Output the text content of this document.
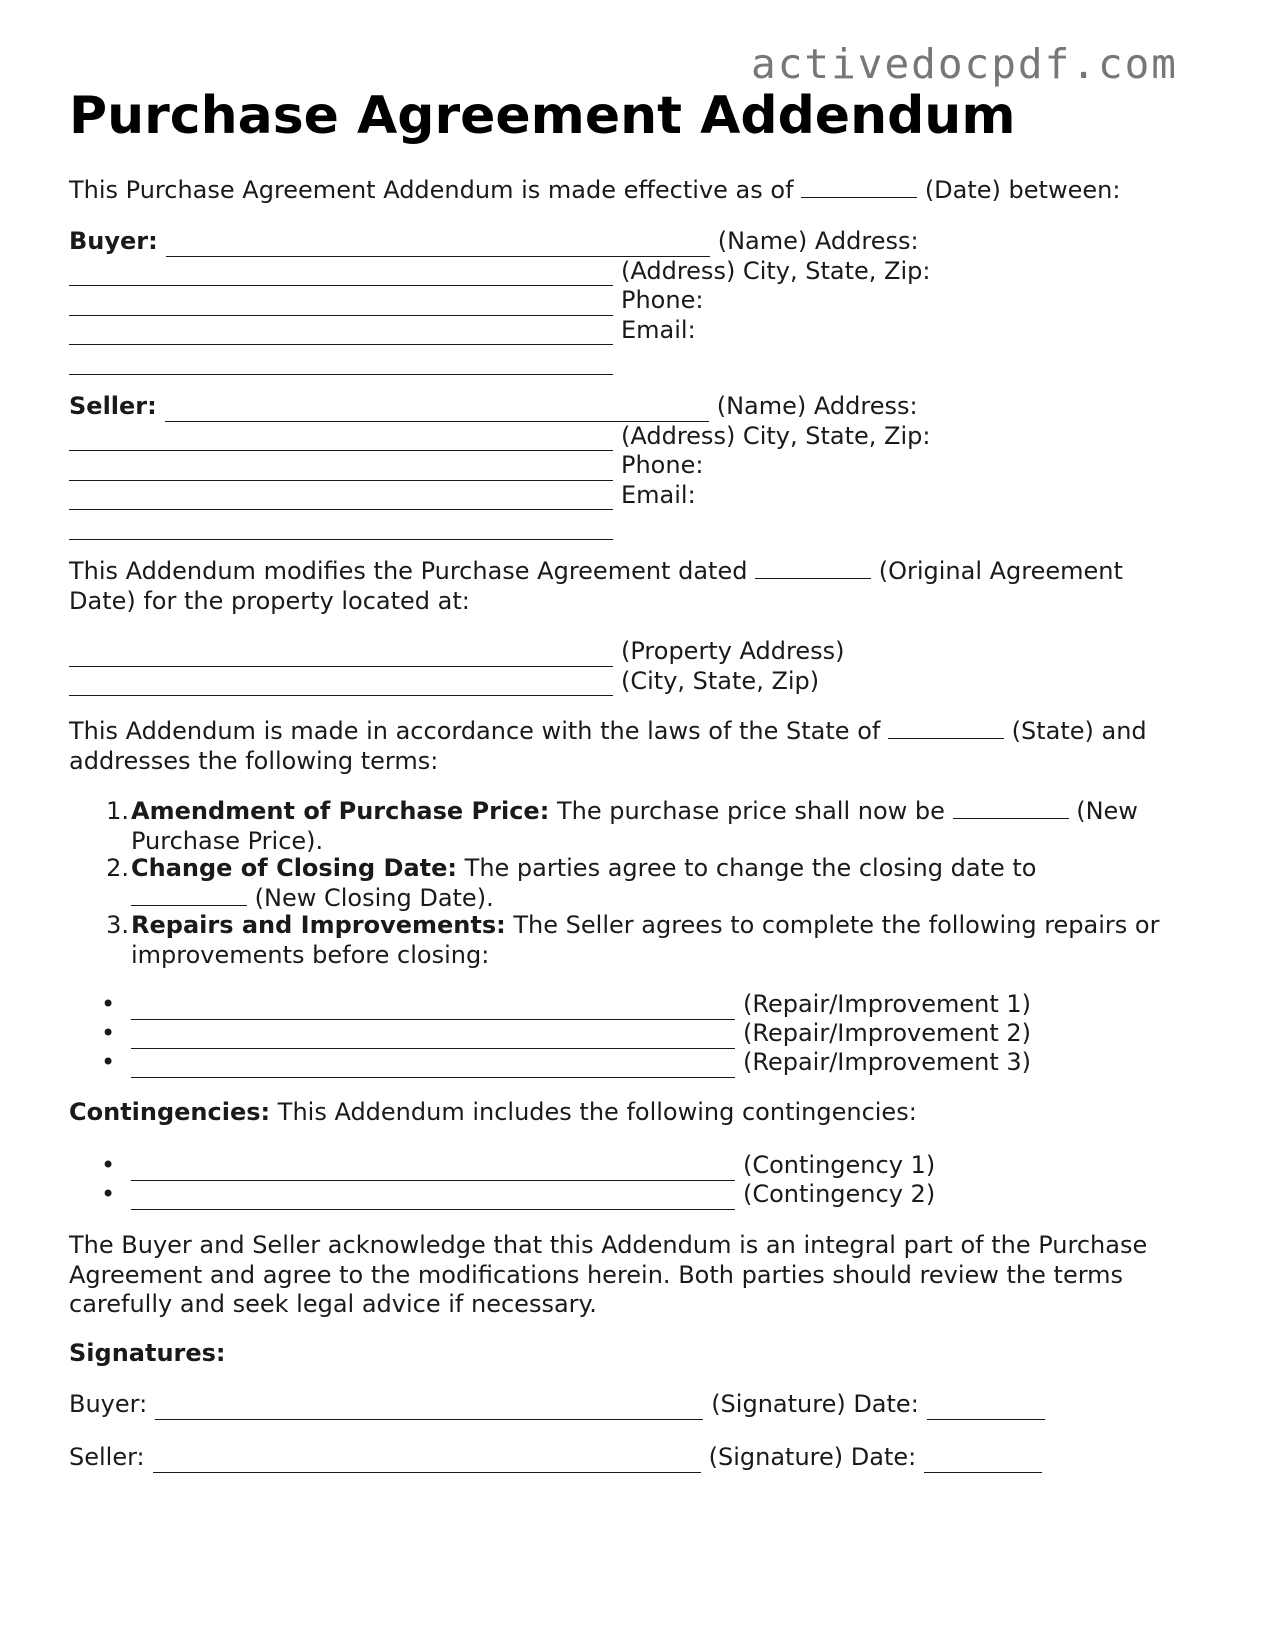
activedocpdf.com
Purchase Agreement Addendum

This Purchase Agreement Addendum is made effective as of	(Date) between:

Buyer:	(Name) Address:
(Address) City, State, Zip:
Phone:
Email:
Seller:	(Name) Address:
(Address) City, State, Zip:
Phone:
Email:

This Addendum modifies the Purchase Agreement dated	(Original Agreement
Date) for the property located at:

(Property Address)
(City, State, Zip)

This Addendum is made in accordance with the laws of the State of	(State) and
addresses the following terms:

1. Amendment of Purchase Price: The purchase price shall now be	(New
Purchase Price).
2. Change of Closing Date: The parties agree to change the closing date to
(New Closing Date).
3. Repairs and Improvements: The Seller agrees to complete the following repairs or
improvements before closing:
•	(Repair/Improvement 1)
•	(Repair/Improvement 2)
•	(Repair/Improvement 3)

Contingencies: This Addendum includes the following contingencies:

•	(Contingency 1)
•	(Contingency 2)

The Buyer and Seller acknowledge that this Addendum is an integral part of the Purchase
Agreement and agree to the modifications herein. Both parties should review the terms
carefully and seek legal advice if necessary.

Signatures:

Buyer:	(Signature) Date:
Seller:	(Signature) Date:
